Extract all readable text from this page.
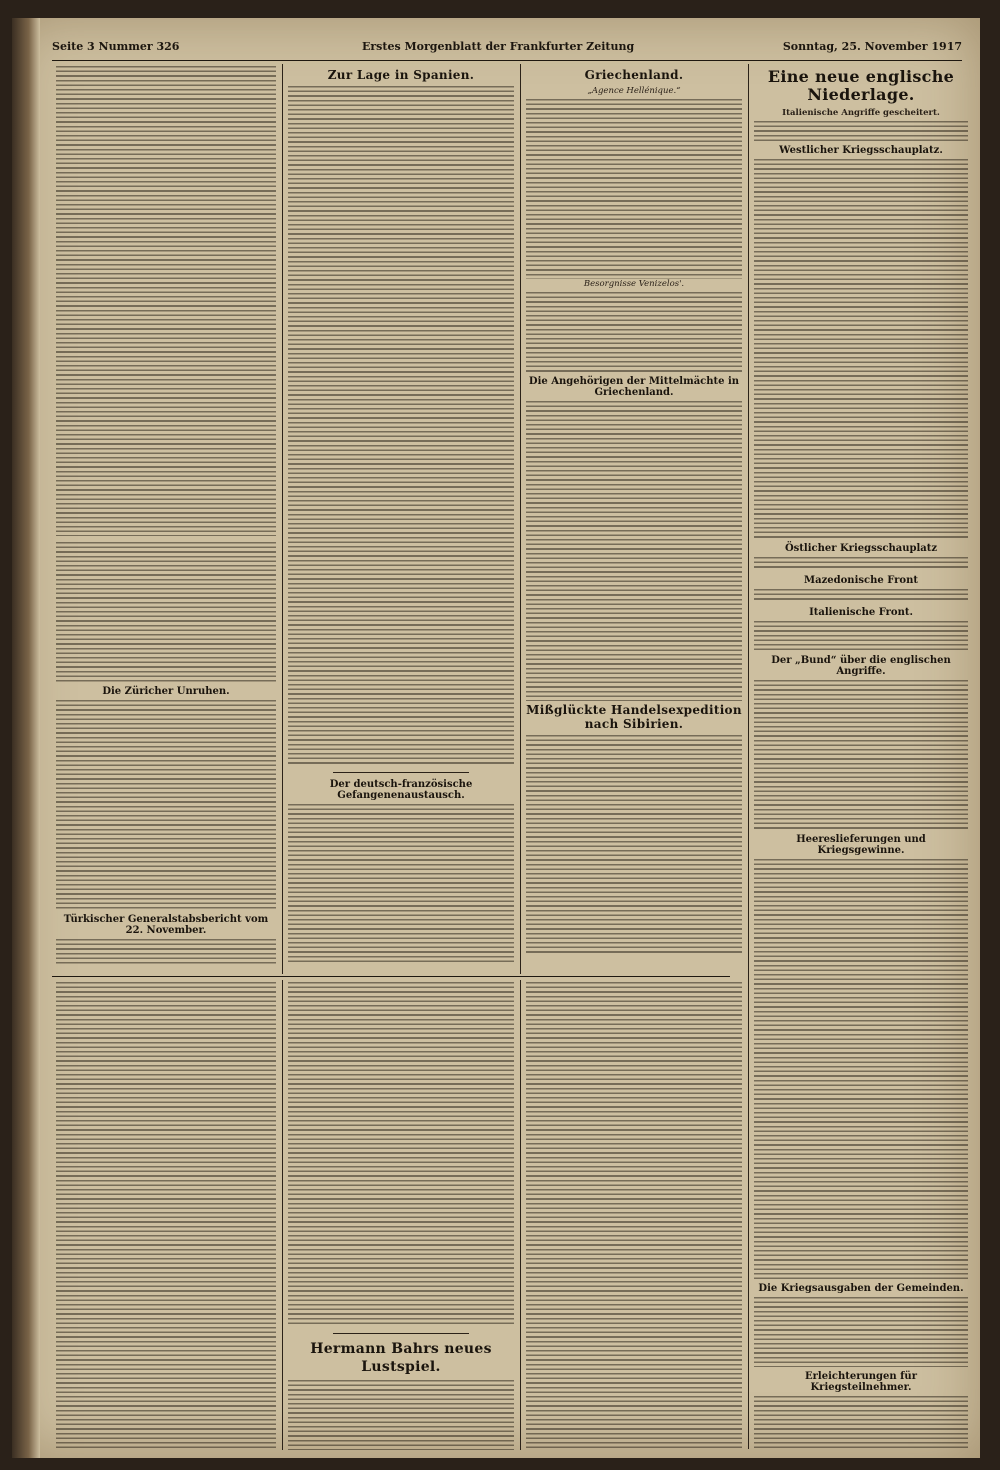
Seite 3 Nummer 326	Erstes Morgenblatt der Frankfurter Zeitung	Sonntag, 25. November 1917
Die Züricher Unruhen.
Türkischer Generalstabsbericht vom 22. November.
Zur Lage in Spanien.
Der deutsch-französische Gefangenenaustausch.
Griechenland.
„Agence Hellénique.“
Besorgnisse Venizelos'.
Die Angehörigen der Mittelmächte in Griechenland.
Mißglückte Handelsexpedition nach Sibirien.
Eine neue englische Niederlage.
Italienische Angriffe gescheitert.
Westlicher Kriegsschauplatz.
Östlicher Kriegsschauplatz
Mazedonische Front
Italienische Front.
Der „Bund“ über die englischen Angriffe.
Heereslieferungen und Kriegsgewinne.
Die Kriegsausgaben der Gemeinden.
Erleichterungen für Kriegsteilnehmer.
Hermann Bahrs neues Lustspiel.
